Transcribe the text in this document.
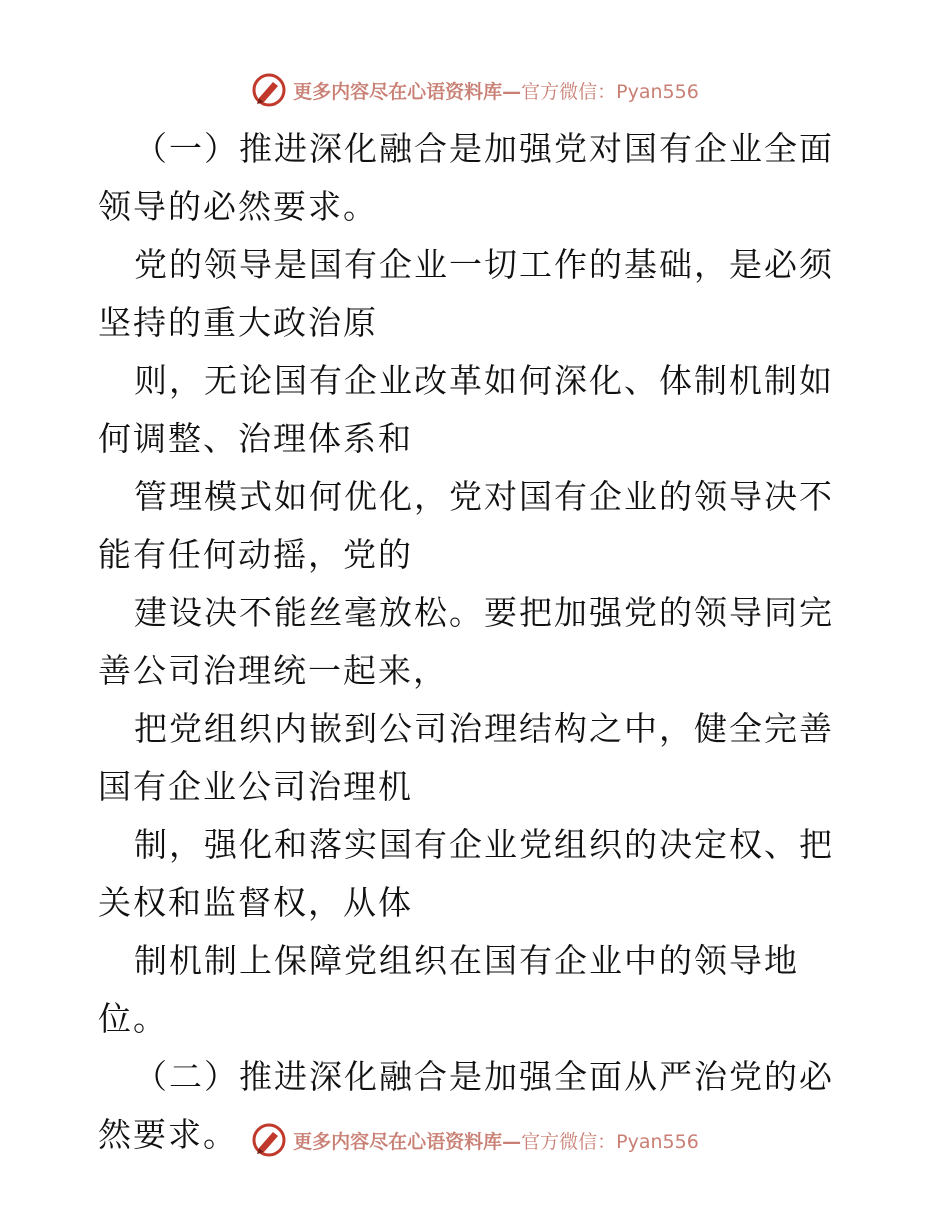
更多内容尽在心语资料库—官方微信：Pyan556

（一）推进深化融合是加强党对国有企业全面领导的必然要求。

党的领导是国有企业一切工作的基础，是必须坚持的重大政治原

则，无论国有企业改革如何深化、体制机制如何调整、治理体系和

管理模式如何优化，党对国有企业的领导决不能有任何动摇，党的

建设决不能丝毫放松。要把加强党的领导同完善公司治理统一起来，

把党组织内嵌到公司治理结构之中，健全完善国有企业公司治理机

制，强化和落实国有企业党组织的决定权、把关权和监督权，从体

制机制上保障党组织在国有企业中的领导地位。

（二）推进深化融合是加强全面从严治党的必然要求。	更多内容尽在心语资料库—官方微信：Pyan556
